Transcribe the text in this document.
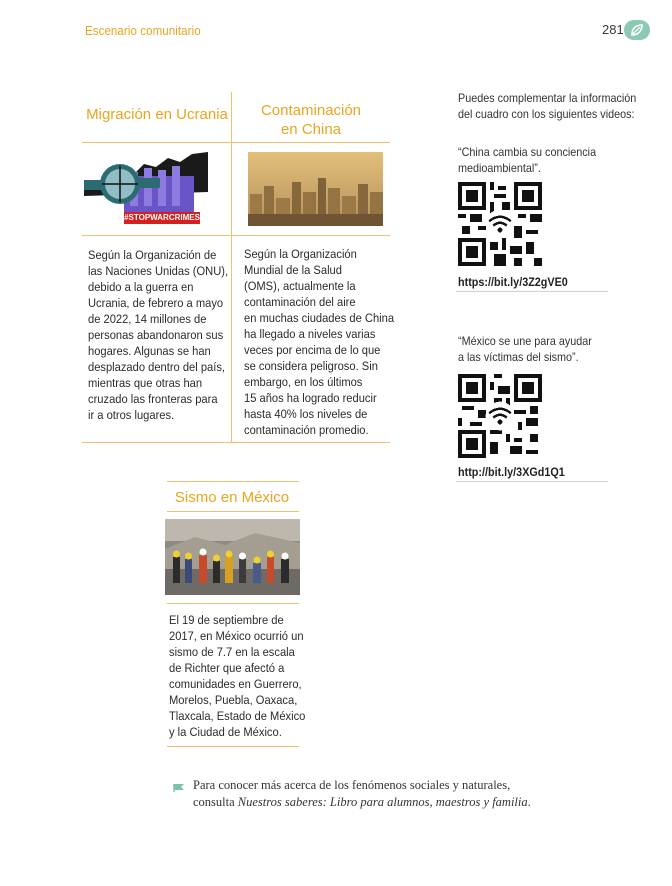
Escenario comunitario	281
Migración en Ucrania
#STOPWARCRIMES
Según la Organización de
las Naciones Unidas (ONU),
debido a la guerra en
Ucrania, de febrero a mayo
de 2022, 14 millones de
personas abandonaron sus
hogares. Algunas se han
desplazado dentro del país,
mientras que otras han
cruzado las fronteras para
ir a otros lugares.
Contaminación
en China
Según la Organización
Mundial de la Salud
(OMS), actualmente la
contaminación del aire
en muchas ciudades de China
ha llegado a niveles varias
veces por encima de lo que
se considera peligroso. Sin
embargo, en los últimos
15 años ha logrado reducir
hasta 40% los niveles de
contaminación promedio.
Sismo en México
El 19 de septiembre de
2017, en México ocurrió un
sismo de 7.7 en la escala
de Richter que afectó a
comunidades en Guerrero,
Morelos, Puebla, Oaxaca,
Tlaxcala, Estado de México
y la Ciudad de México.
Puedes complementar la información
del cuadro con los siguientes videos:
“China cambia su conciencia
medioambiental”.
https://bit.ly/3Z2gVE0
“México se une para ayudar
a las víctimas del sismo”.
http://bit.ly/3XGd1Q1
Para conocer más acerca de los fenómenos sociales y naturales,
consulta Nuestros saberes: Libro para alumnos, maestros y familia.
